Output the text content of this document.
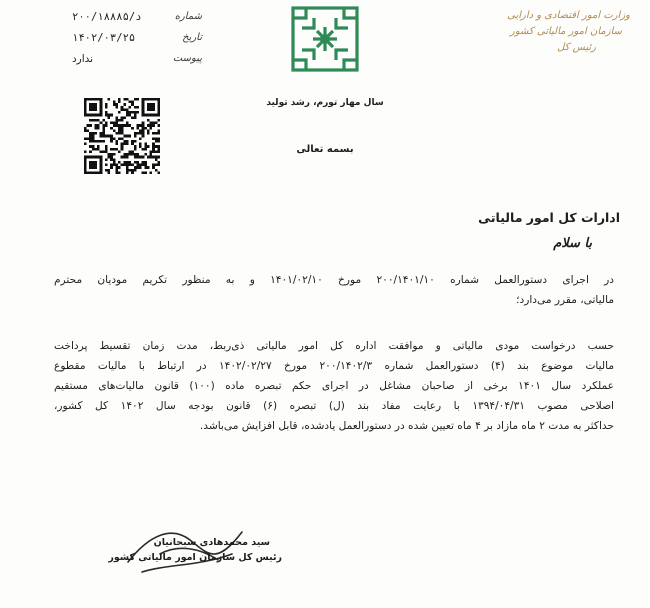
شماره
د/۲۰۰/۱۸۸۸۵
تاریخ
۱۴۰۲/۰۳/۲۵
پیوست
ندارد
سال مهار تورم، رشد تولید
بسمه تعالی
وزارت امور اقتصادی و دارایی
سازمان امور مالیاتی کشور
رئیس کل
ادارات کل امور مالیاتی
با سلام
در اجرای دستورالعمل شماره ۲۰۰/۱۴۰۱/۱۰ مورخ ۱۴۰۱/۰۲/۱۰ و به منظور تکریم مودیان محترم
مالیاتی، مقرر می‌دارد؛
حسب درخواست مودی مالیاتی و موافقت اداره کل امور مالیاتی ذی‌ربط، مدت زمان تقسیط پرداخت
مالیات موضوع بند (۴) دستورالعمل شماره ۲۰۰/۱۴۰۲/۳ مورخ ۱۴۰۲/۰۲/۲۷ در ارتباط با مالیات مقطوع
عملکرد سال ۱۴۰۱ برخی از صاحبان مشاغل در اجرای حکم تبصره ماده (۱۰۰) قانون مالیات‌های مستقیم
اصلاحی مصوب ۱۳۹۴/۰۴/۳۱ با رعایت مفاد بند (ل) تبصره (۶) قانون بودجه سال ۱۴۰۲ کل کشور،
حداکثر به مدت ۲ ماه مازاد بر ۴ ماه تعیین شده در دستورالعمل یادشده، قابل افزایش می‌باشد.
سید محمدهادی سبحانیان
رئیس کل سازمان امور مالیاتی کشور
